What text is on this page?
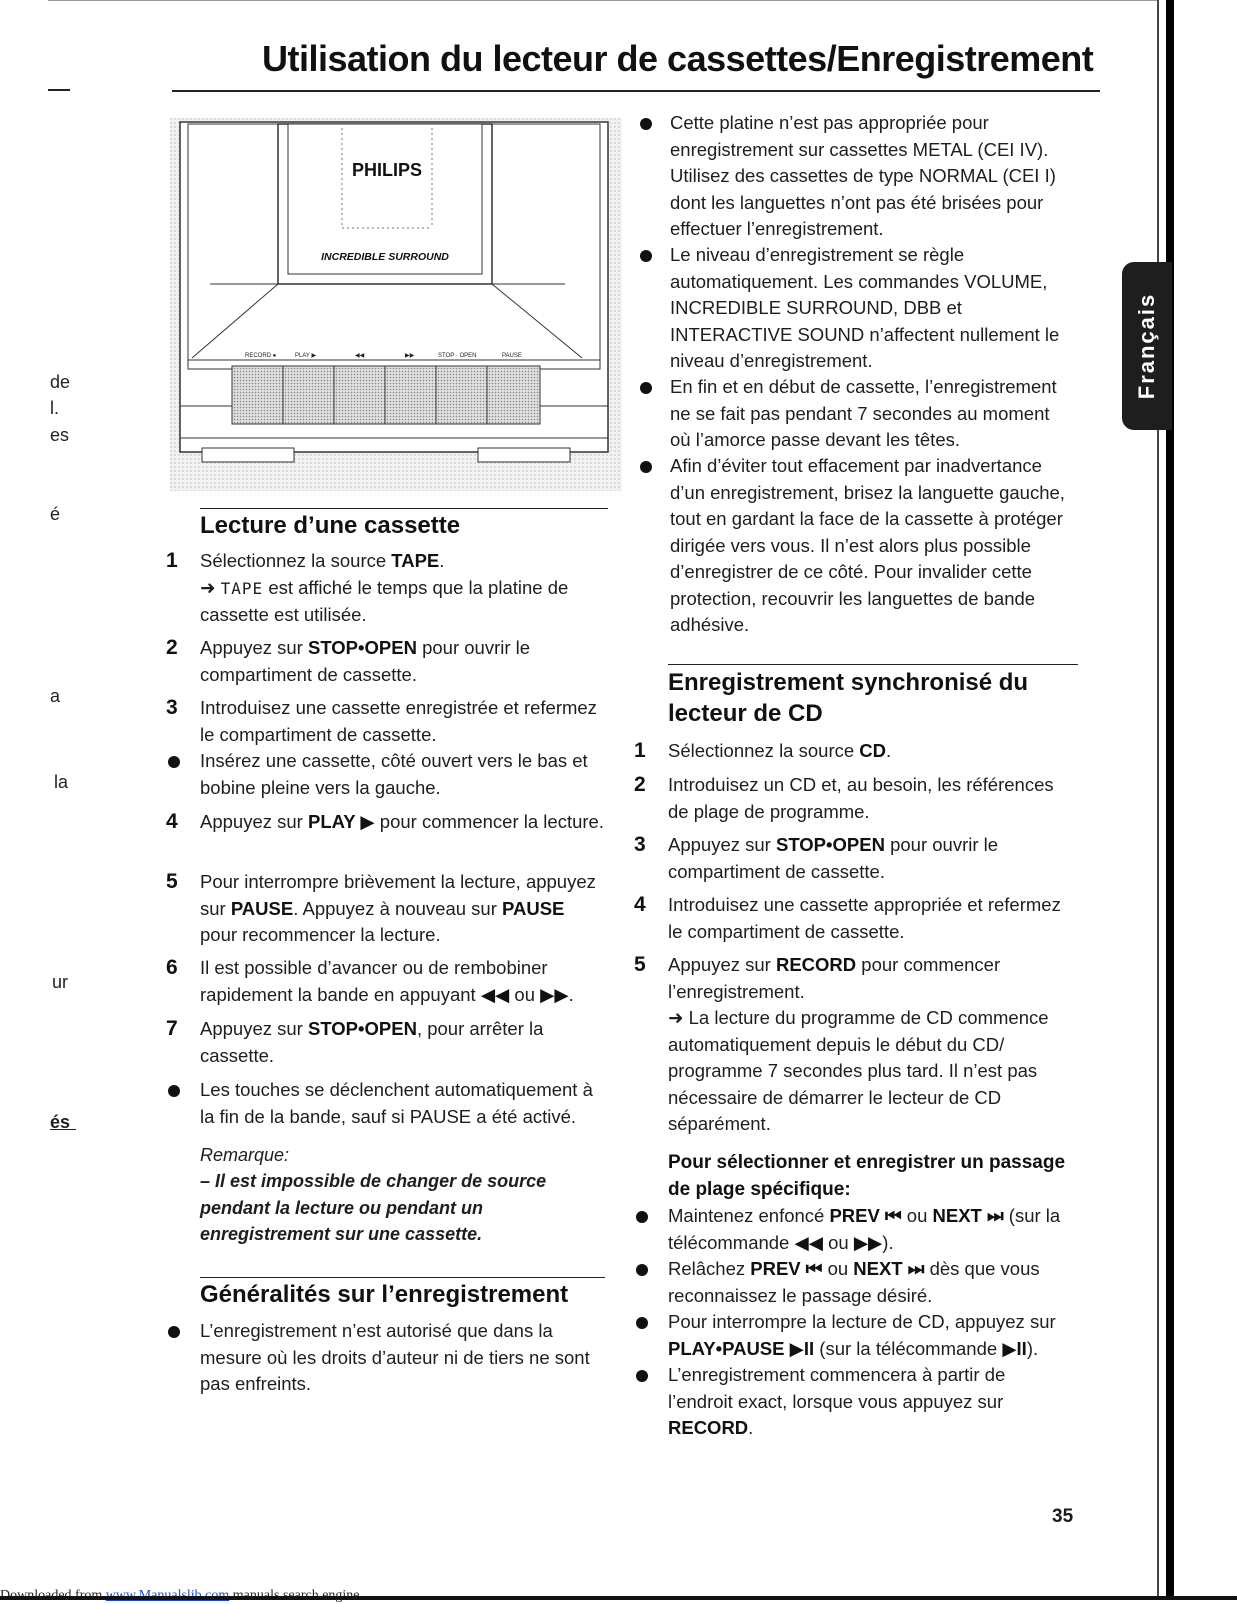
de
l.
es
é
a
la
ur
és
Utilisation du lecteur de cassettes/Enregistrement
Français
PHILIPS
INCREDIBLE SURROUND
RECORD ●	PLAY ▶	◀◀	▶▶	STOP · OPEN	PAUSE
Lecture d’une cassette
1 Sélectionnez la source TAPE.
➜ TAPE est affiché le temps que la platine de cassette est utilisée.
2 Appuyez sur STOP•OPEN pour ouvrir le compartiment de cassette.
3 Introduisez une cassette enregistrée et refermez le compartiment de cassette.
Insérez une cassette, côté ouvert vers le bas et bobine pleine vers la gauche.
4 Appuyez sur PLAY ▶ pour commencer la lecture.
5 Pour interrompre brièvement la lecture, appuyez sur PAUSE. Appuyez à nouveau sur PAUSE pour recommencer la lecture.
6 Il est possible d’avancer ou de rembobiner rapidement la bande en appuyant ◀◀ ou ▶▶.
7 Appuyez sur STOP•OPEN, pour arrêter la cassette.
Les touches se déclenchent automatiquement à la fin de la bande, sauf si PAUSE a été activé.
Remarque:
– Il est impossible de changer de source pendant la lecture ou pendant un enregistrement sur une cassette.
Généralités sur l’enregistrement
L’enregistrement n’est autorisé que dans la mesure où les droits d’auteur ni de tiers ne sont pas enfreints.
Cette platine n’est pas appropriée pour enregistrement sur cassettes METAL (CEI IV). Utilisez des cassettes de type NORMAL (CEI I) dont les languettes n’ont pas été brisées pour effectuer l’enregistrement.
Le niveau d’enregistrement se règle automatiquement. Les commandes VOLUME, INCREDIBLE SURROUND, DBB et INTERACTIVE SOUND n’affectent nullement le niveau d’enregistrement.
En fin et en début de cassette, l’enregistrement ne se fait pas pendant 7 secondes au moment où l’amorce passe devant les têtes.
Afin d’éviter tout effacement par inadvertance d’un enregistrement, brisez la languette gauche, tout en gardant la face de la cassette à protéger dirigée vers vous. Il n’est alors plus possible d’enregistrer de ce côté. Pour invalider cette protection, recouvrir les languettes de bande adhésive.
Enregistrement synchronisé du
lecteur de CD
1 Sélectionnez la source CD.
2 Introduisez un CD et, au besoin, les références de plage de programme.
3 Appuyez sur STOP•OPEN pour ouvrir le compartiment de cassette.
4 Introduisez une cassette appropriée et refermez le compartiment de cassette.
5 Appuyez sur RECORD pour commencer l’enregistrement.
➜ La lecture du programme de CD commence automatiquement depuis le début du CD/ programme 7 secondes plus tard. Il n’est pas nécessaire de démarrer le lecteur de CD séparément.
Pour sélectionner et enregistrer un passage de plage spécifique:
Maintenez enfoncé PREV ⏮ ou NEXT ⏭ (sur la télécommande ◀◀ ou ▶▶).
Relâchez PREV ⏮ ou NEXT ⏭ dès que vous reconnaissez le passage désiré.
Pour interrompre la lecture de CD, appuyez sur PLAY•PAUSE ▶II (sur la télécommande ▶II).
L’enregistrement commencera à partir de l’endroit exact, lorsque vous appuyez sur RECORD.
35
